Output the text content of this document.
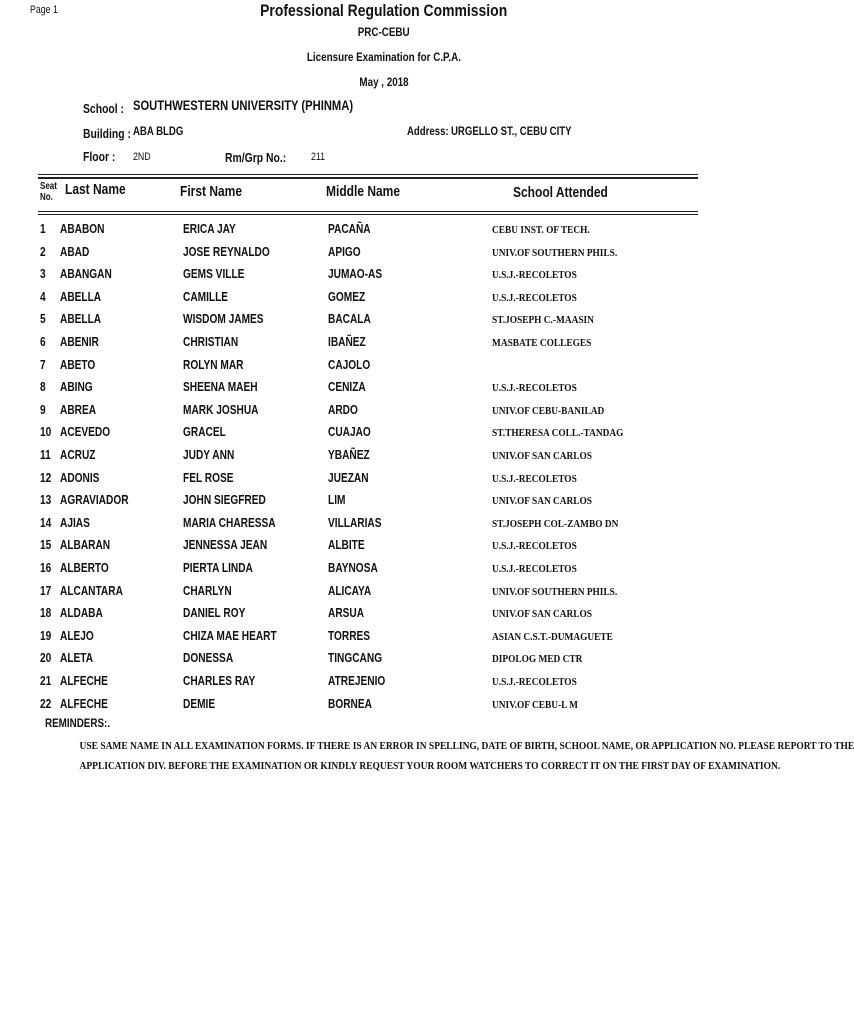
Page 1	Professional Regulation Commission
PRC-CEBU
Licensure Examination for C.P.A.
May , 2018
School : SOUTHWESTERN UNIVERSITY (PHINMA)
Building : ABA BLDG	Address: URGELLO ST., CEBU CITY
Floor : 2ND	Rm/Grp No.: 211
Seat
No. Last Name	First Name	Middle Name	School Attended
1 ABABON	ERICA JAY	PACAÑA	CEBU INST. OF TECH.
2 ABAD	JOSE REYNALDO	APIGO	UNIV.OF SOUTHERN PHILS.
3 ABANGAN	GEMS VILLE	JUMAO-AS	U.S.J.-RECOLETOS
4 ABELLA	CAMILLE	GOMEZ	U.S.J.-RECOLETOS
5 ABELLA	WISDOM JAMES	BACALA	ST.JOSEPH C.-MAASIN
6 ABENIR	CHRISTIAN	IBAÑEZ	MASBATE COLLEGES
7 ABETO	ROLYN MAR	CAJOLO
8 ABING	SHEENA MAEH	CENIZA	U.S.J.-RECOLETOS
9 ABREA	MARK JOSHUA	ARDO	UNIV.OF CEBU-BANILAD
10 ACEVEDO	GRACEL	CUAJAO	ST.THERESA COLL.-TANDAG
11 ACRUZ	JUDY ANN	YBAÑEZ	UNIV.OF SAN CARLOS
12 ADONIS	FEL ROSE	JUEZAN	U.S.J.-RECOLETOS
13 AGRAVIADOR	JOHN SIEGFRED	LIM	UNIV.OF SAN CARLOS
14 AJIAS	MARIA CHARESSA	VILLARIAS	ST.JOSEPH COL-ZAMBO DN
15 ALBARAN	JENNESSA JEAN	ALBITE	U.S.J.-RECOLETOS
16 ALBERTO	PIERTA LINDA	BAYNOSA	U.S.J.-RECOLETOS
17 ALCANTARA	CHARLYN	ALICAYA	UNIV.OF SOUTHERN PHILS.
18 ALDABA	DANIEL ROY	ARSUA	UNIV.OF SAN CARLOS
19 ALEJO	CHIZA MAE HEART	TORRES	ASIAN C.S.T.-DUMAGUETE
20 ALETA	DONESSA	TINGCANG	DIPOLOG MED CTR
21 ALFECHE	CHARLES RAY	ATREJENIO	U.S.J.-RECOLETOS
22 ALFECHE	DEMIE	BORNEA	UNIV.OF CEBU-L M
REMINDERS:.
USE SAME NAME IN ALL EXAMINATION FORMS. IF THERE IS AN ERROR IN SPELLING, DATE OF BIRTH, SCHOOL NAME, OR APPLICATION NO. PLEASE REPORT TO THE
APPLICATION DIV. BEFORE THE EXAMINATION OR KINDLY REQUEST YOUR ROOM WATCHERS TO CORRECT IT ON THE FIRST DAY OF EXAMINATION.
